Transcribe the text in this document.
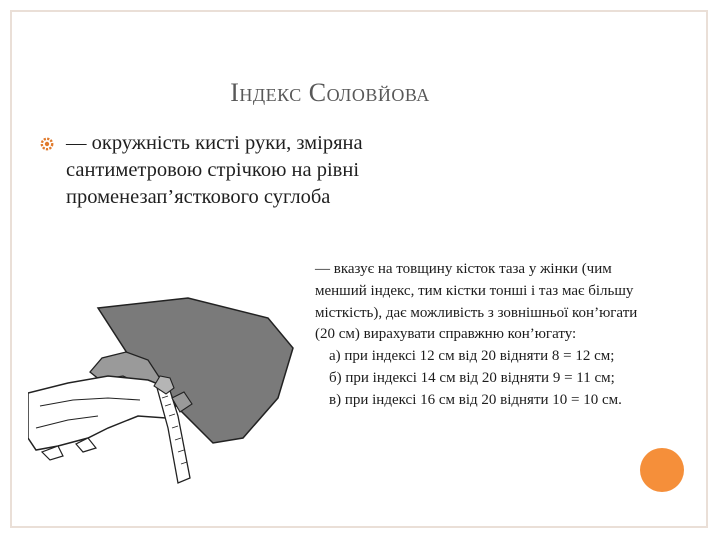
Індекс Соловйова
— окружність кисті руки, зміряна сантиметровою стрічкою на рівні променезап’ясткового суглоба

— вказує на товщину кісток таза у жінки (чим менший індекс, тим кістки тонші і таз має більшу місткість), дає можливість з зовнішньої кон’югати (20 см) вирахувати справжню кон’югату:

а) при індексі 12 см від 20 відняти 8 = 12 см;

б) при індексі 14 см від 20 відняти 9 = 11 см;

в) при індексі 16 см від 20 відняти 10 = 10 см.
